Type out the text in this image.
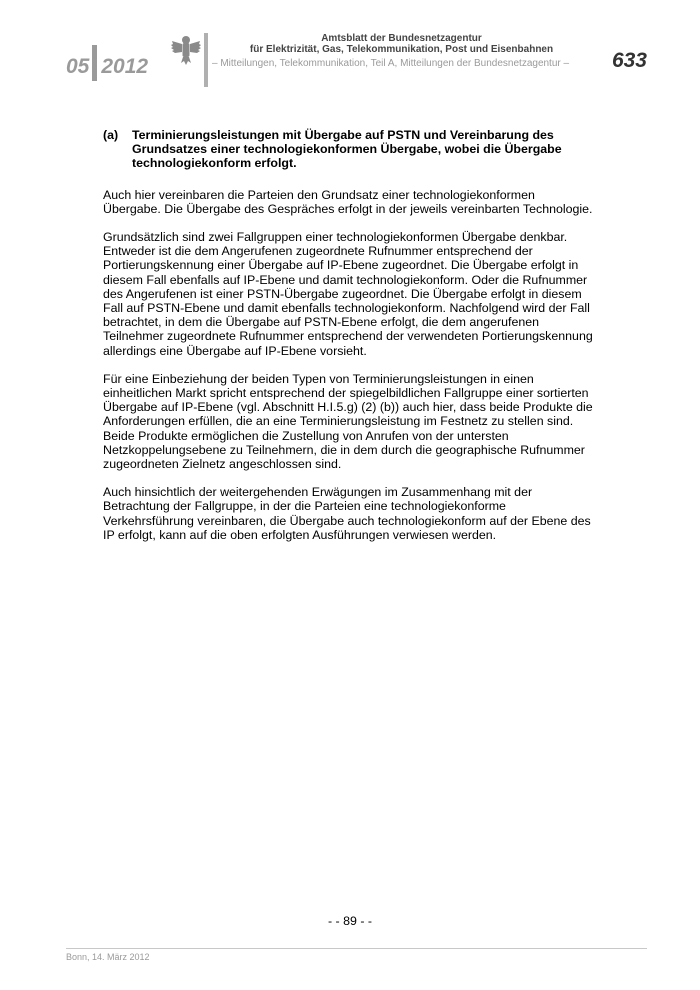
05 2012
Amtsblatt der Bundesnetzagentur
für Elektrizität, Gas, Telekommunikation, Post und Eisenbahnen
– Mitteilungen, Telekommunikation, Teil A, Mitteilungen der Bundesnetzagentur – 633
(a)	Terminierungsleistungen mit Übergabe auf PSTN und Vereinbarung des Grundsatzes einer technologiekonformen Übergabe, wobei die Übergabe technologiekonform erfolgt.

Auch hier vereinbaren die Parteien den Grundsatz einer technologiekonformen Übergabe. Die Übergabe des Gespräches erfolgt in der jeweils vereinbarten Technologie.

Grundsätzlich sind zwei Fallgruppen einer technologiekonformen Übergabe denkbar. Entweder ist die dem Angerufenen zugeordnete Rufnummer entsprechend der Portierungskennung einer Übergabe auf IP-Ebene zugeordnet. Die Übergabe erfolgt in diesem Fall ebenfalls auf IP-Ebene und damit technologiekonform. Oder die Rufnummer des Angerufenen ist einer PSTN-Übergabe zugeordnet. Die Übergabe erfolgt in diesem Fall auf PSTN-Ebene und damit ebenfalls technologiekonform. Nachfolgend wird der Fall betrachtet, in dem die Übergabe auf PSTN-Ebene erfolgt, die dem angerufenen Teilnehmer zugeordnete Rufnummer entsprechend der verwendeten Portierungskennung allerdings eine Übergabe auf IP-Ebene vorsieht.

Für eine Einbeziehung der beiden Typen von Terminierungsleistungen in einen einheitlichen Markt spricht entsprechend der spiegelbildlichen Fallgruppe einer sortierten Übergabe auf IP-Ebene (vgl. Abschnitt H.I.5.g) (2) (b)) auch hier, dass beide Produkte die Anforderungen erfüllen, die an eine Terminierungsleistung im Festnetz zu stellen sind. Beide Produkte ermöglichen die Zustellung von Anrufen von der untersten Netzkoppelungsebene zu Teilnehmern, die in dem durch die geographische Rufnummer zugeordneten Zielnetz angeschlossen sind.

Auch hinsichtlich der weitergehenden Erwägungen im Zusammenhang mit der Betrachtung der Fallgruppe, in der die Parteien eine technologiekonforme Verkehrsführung vereinbaren, die Übergabe auch technologiekonform auf der Ebene des IP erfolgt, kann auf die oben erfolgten Ausführungen verwiesen werden.

- - 89 - -
Bonn, 14. März 2012
